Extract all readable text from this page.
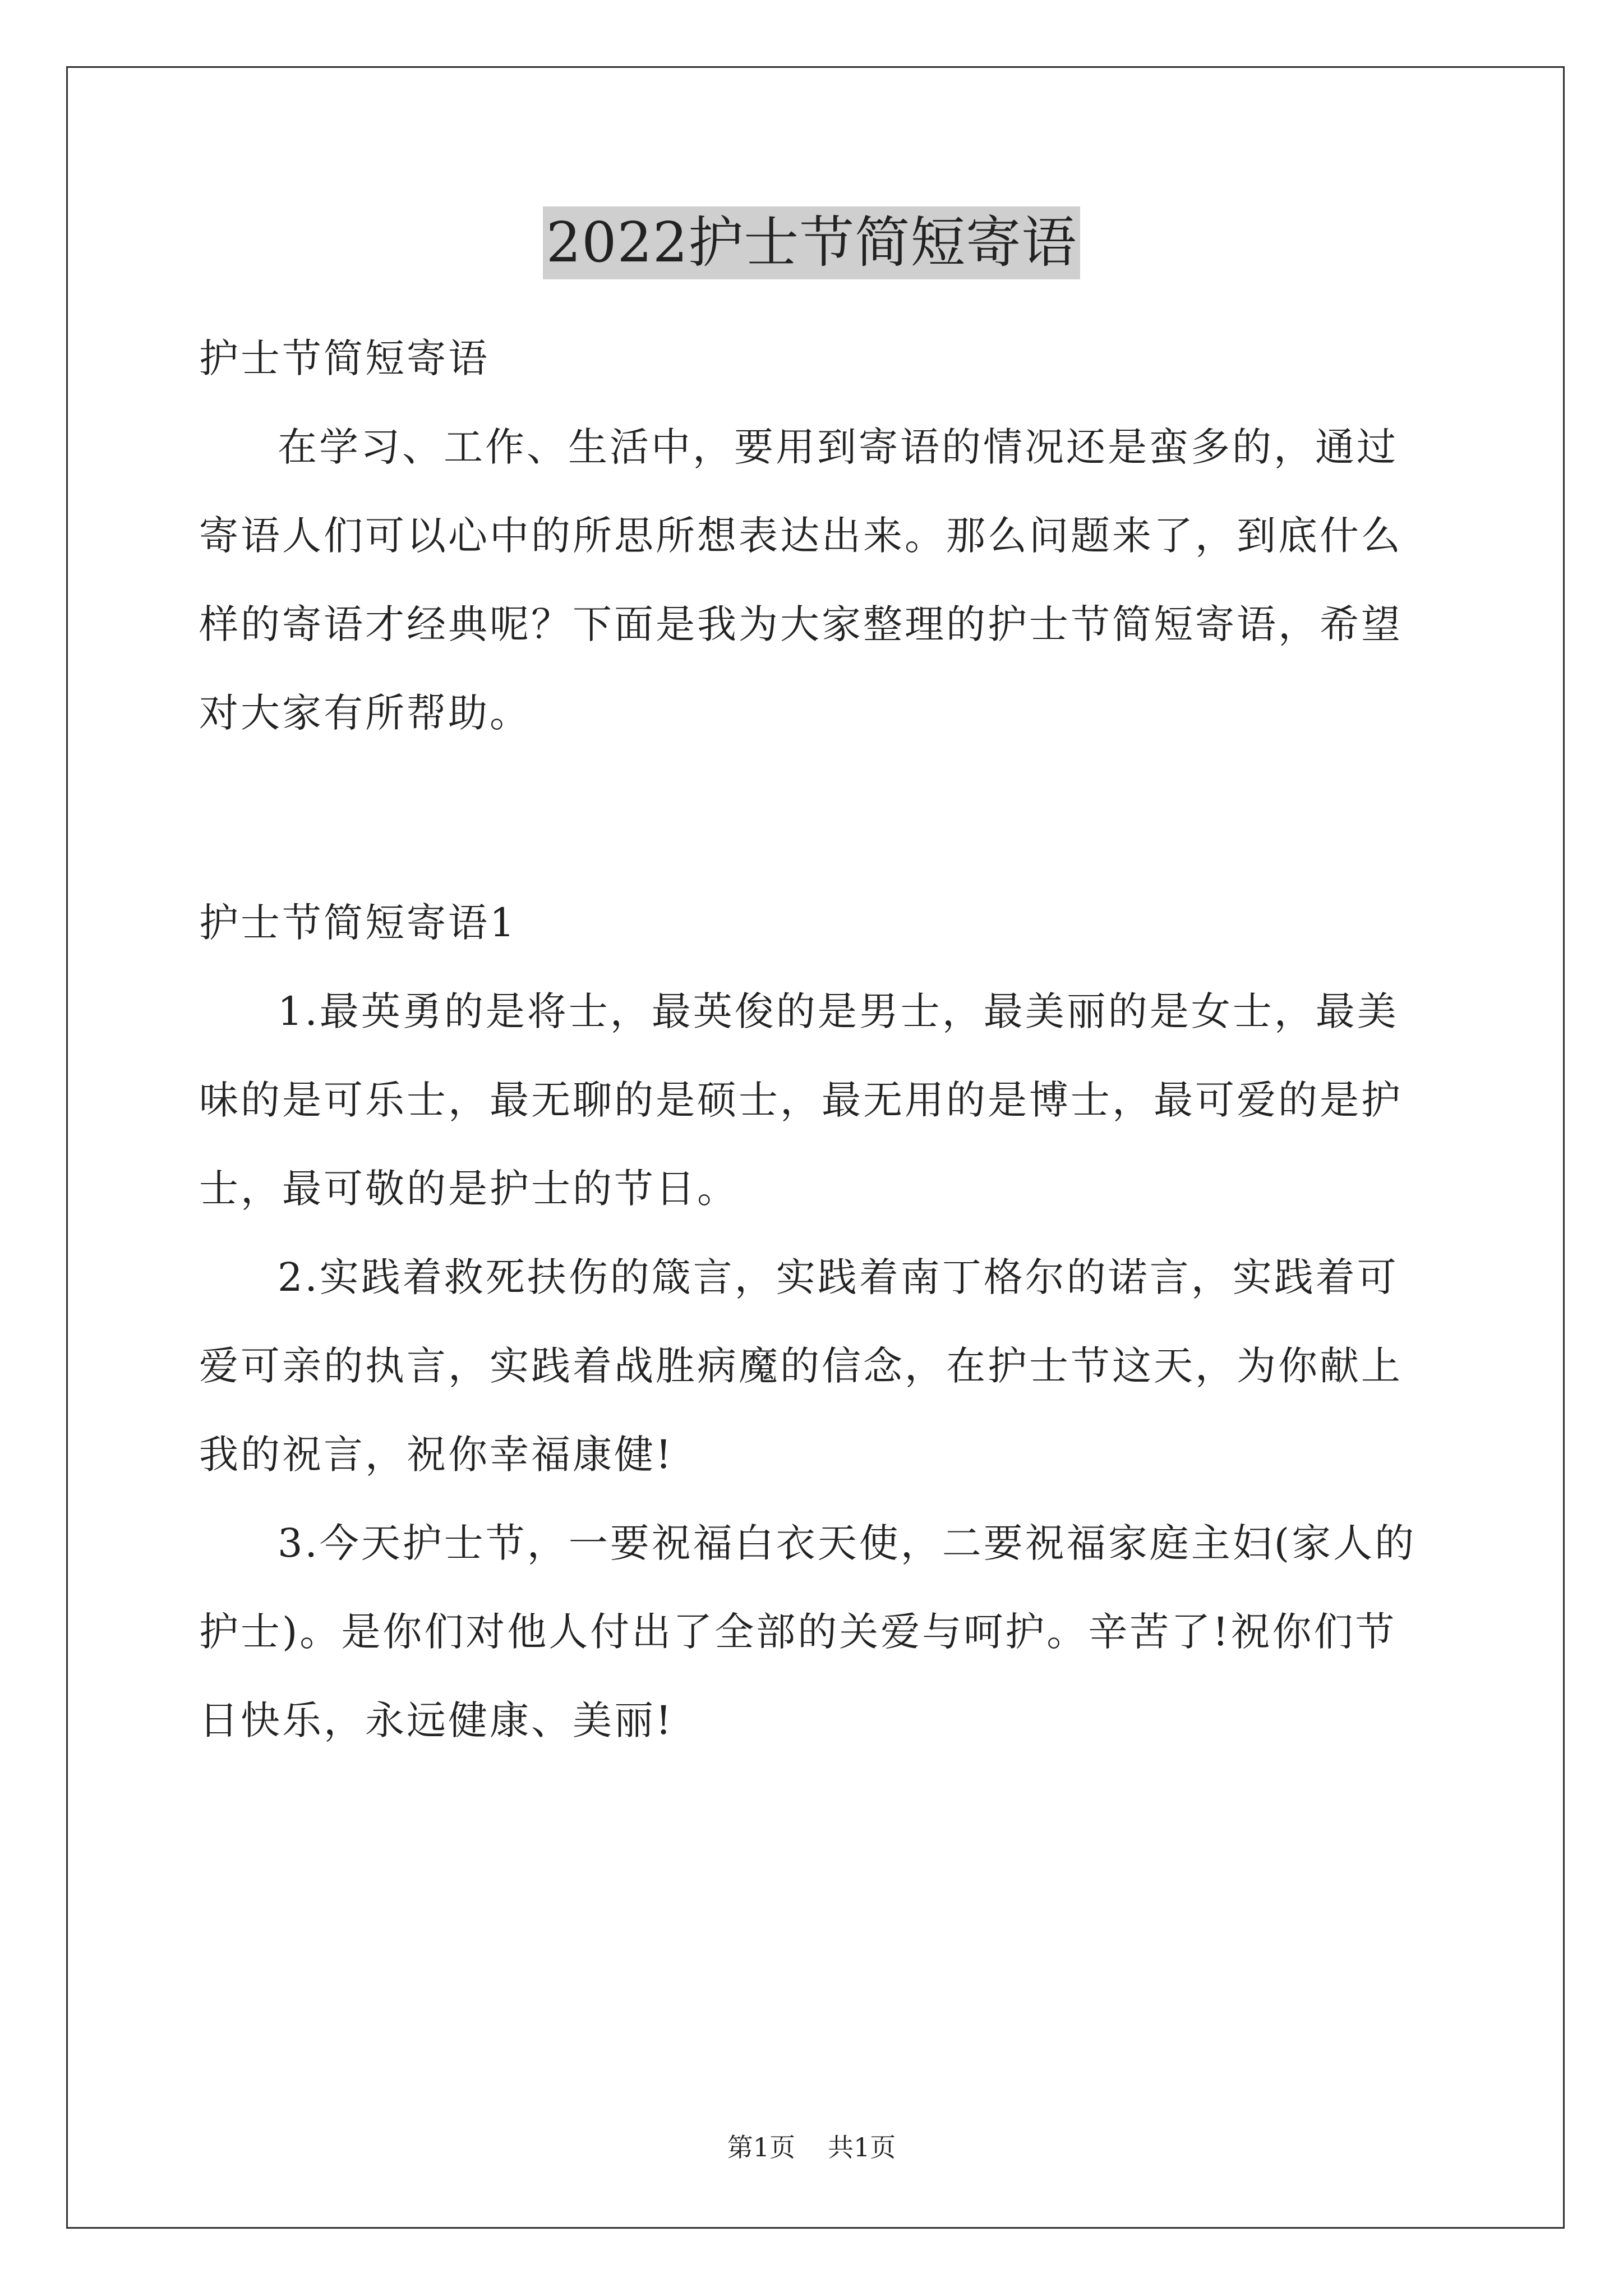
2022护士节简短寄语

护士节简短寄语

在学习、工作、生活中，要用到寄语的情况还是蛮多的，通过寄语人们可以心中的所思所想表达出来。那么问题来了，到底什么样的寄语才经典呢？下面是我为大家整理的护士节简短寄语，希望对大家有所帮助。

护士节简短寄语1

1.最英勇的是将士，最英俊的是男士，最美丽的是女士，最美味的是可乐士，最无聊的是硕士，最无用的是博士，最可爱的是护士，最可敬的是护士的节日。

2.实践着救死扶伤的箴言，实践着南丁格尔的诺言，实践着可爱可亲的执言，实践着战胜病魔的信念，在护士节这天，为你献上我的祝言，祝你幸福康健!

3.今天护士节，一要祝福白衣天使，二要祝福家庭主妇(家人的护士)。是你们对他人付出了全部的关爱与呵护。辛苦了!祝你们节日快乐，永远健康、美丽!

第1页 共1页
